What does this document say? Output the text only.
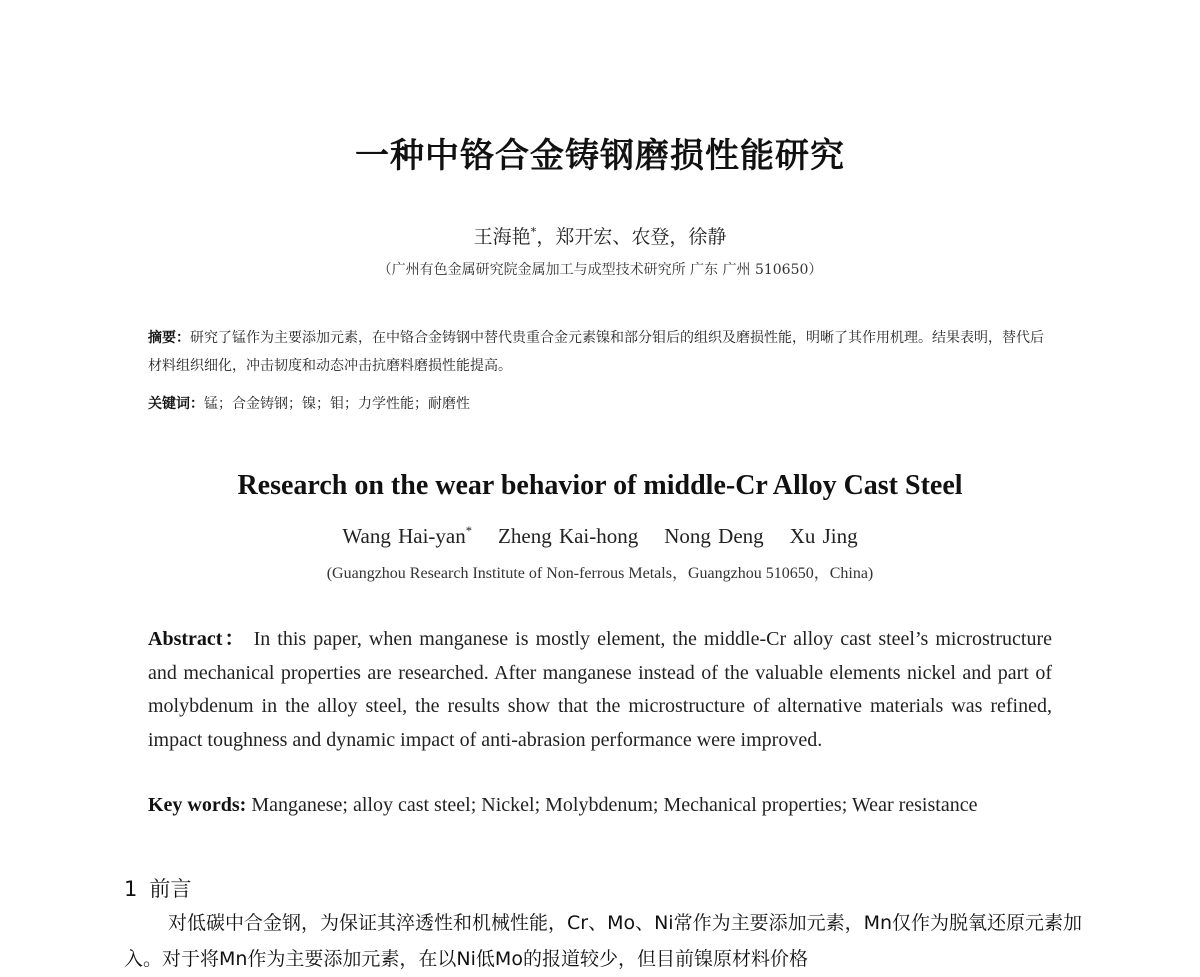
一种中铬合金铸钢磨损性能研究
王海艳*，郑开宏、农登，徐静
（广州有色金属研究院金属加工与成型技术研究所 广东 广州 510650）
摘要：研究了锰作为主要添加元素，在中铬合金铸钢中替代贵重合金元素镍和部分钼后的组织及磨损性能，明晰了其作用机理。结果表明，替代后材料组织细化，冲击韧度和动态冲击抗磨料磨损性能提高。
关键词：锰；合金铸钢；镍；钼；力学性能；耐磨性
Research on the wear behavior of middle-Cr Alloy Cast Steel
Wang Hai-yan* Zheng Kai-hong Nong Deng Xu Jing
(Guangzhou Research Institute of Non-ferrous Metals，Guangzhou 510650，China)
Abstract： In this paper, when manganese is mostly element, the middle-Cr alloy cast steel’s microstructure and mechanical properties are researched. After manganese instead of the valuable elements nickel and part of molybdenum in the alloy steel, the results show that the microstructure of alternative materials was refined, impact toughness and dynamic impact of anti-abrasion performance were improved.
Key words: Manganese; alloy cast steel; Nickel; Molybdenum; Mechanical properties; Wear resistance
1 前言
对低碳中合金钢，为保证其淬透性和机械性能，Cr、Mo、Ni常作为主要添加元素，Mn仅作为脱氧还原元素加入。对于将Mn作为主要添加元素，在以Ni低Mo的报道较少，但目前镍原材料价格
